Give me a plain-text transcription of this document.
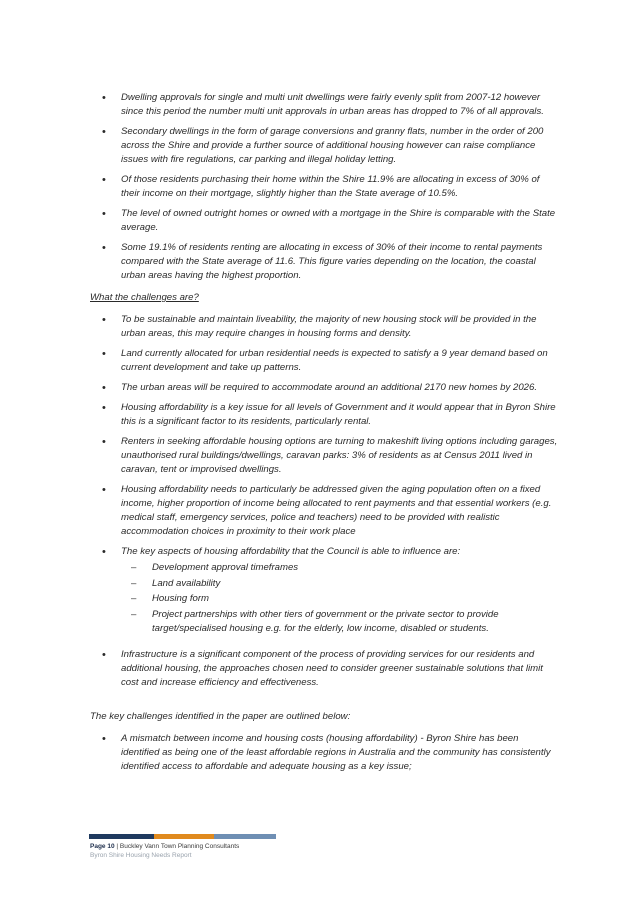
• Dwelling approvals for single and multi unit dwellings were fairly evenly split from 2007-12 however since this period the number multi unit approvals in urban areas has dropped to 7% of all approvals.
• Secondary dwellings in the form of garage conversions and granny flats, number in the order of 200 across the Shire and provide a further source of additional housing however can raise compliance issues with fire regulations, car parking and illegal holiday letting.
• Of those residents purchasing their home within the Shire 11.9% are allocating in excess of 30% of their income on their mortgage, slightly higher than the State average of 10.5%.
• The level of owned outright homes or owned with a mortgage in the Shire is comparable with the State average.
• Some 19.1% of residents renting are allocating in excess of 30% of their income to rental payments compared with the State average of 11.6. This figure varies depending on the location, the coastal urban areas having the highest proportion.
What the challenges are?
• To be sustainable and maintain liveability, the majority of new housing stock will be provided in the urban areas, this may require changes in housing forms and density.
• Land currently allocated for urban residential needs is expected to satisfy a 9 year demand based on current development and take up patterns.
• The urban areas will be required to accommodate around an additional 2170 new homes by 2026.
• Housing affordability is a key issue for all levels of Government and it would appear that in Byron Shire this is a significant factor to its residents, particularly rental.
• Renters in seeking affordable housing options are turning to makeshift living options including garages, unauthorised rural buildings/dwellings, caravan parks: 3% of residents as at Census 2011 lived in caravan, tent or improvised dwellings.
• Housing affordability needs to particularly be addressed given the aging population often on a fixed income, higher proportion of income being allocated to rent payments and that essential workers (e.g. medical staff, emergency services, police and teachers) need to be provided with realistic accommodation choices in proximity to their work place
• The key aspects of housing affordability that the Council is able to influence are:
– Development approval timeframes
– Land availability
– Housing form
– Project partnerships with other tiers of government or the private sector to provide target/specialised housing e.g. for the elderly, low income, disabled or students.
• Infrastructure is a significant component of the process of providing services for our residents and additional housing, the approaches chosen need to consider greener sustainable solutions that limit cost and increase efficiency and effectiveness.
The key challenges identified in the paper are outlined below:
• A mismatch between income and housing costs (housing affordability) - Byron Shire has been identified as being one of the least affordable regions in Australia and the community has consistently identified access to affordable and adequate housing as a key issue;
Page 10 | Buckley Vann Town Planning Consultants
Byron Shire Housing Needs Report
